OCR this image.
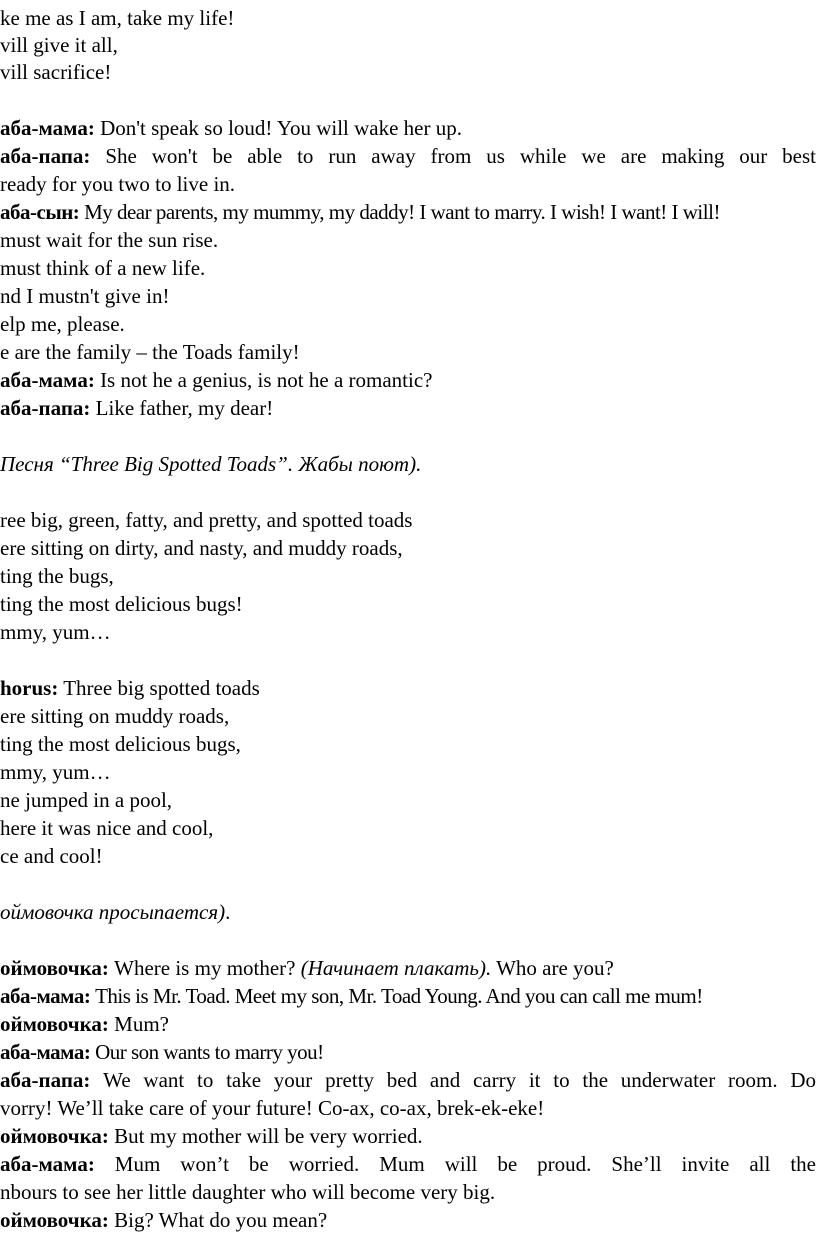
ke me as I am, take my life!
vill give it all,
vill sacrifice!
аба-мама: Don't speak so loud! You will wake her up.
аба-папа: She won't be able to run away from us while we are making our best
ready for you two to live in.
аба-сын: My dear parents, my mummy, my daddy! I want to marry. I wish! I want! I will!
must wait for the sun rise.
must think of a new life.
nd I mustn't give in!
elp me, please.
e are the family – the Toads family!
аба-мама: Is not he a genius, is not he a romantic?
аба-папа: Like father, my dear!
Песня “Three Big Spotted Toads”. Жабы поют).
ree big, green, fatty, and pretty, and spotted toads
ere sitting on dirty, and nasty, and muddy roads,
ting the bugs,
ting the most delicious bugs!
mmy, yum…
horus: Three big spotted toads
ere sitting on muddy roads,
ting the most delicious bugs,
mmy, yum…
ne jumped in a pool,
here it was nice and cool,
ce and cool!
оймовочка просыпается).
оймовочка: Where is my mother? (Начинает плакать). Who are you?
аба-мама: This is Mr. Toad. Meet my son, Mr. Toad Young. And you can call me mum!
оймовочка: Mum?
аба-мама: Our son wants to marry you!
аба-папа: We want to take your pretty bed and carry it to the underwater room. Do
vorry! We’ll take care of your future! Co-ax, co-ax, brek-ek-eke!
оймовочка: But my mother will be very worried.
аба-мама: Mum won’t be worried. Mum will be proud. She’ll invite all the
nbours to see her little daughter who will become very big.
оймовочка: Big? What do you mean?
